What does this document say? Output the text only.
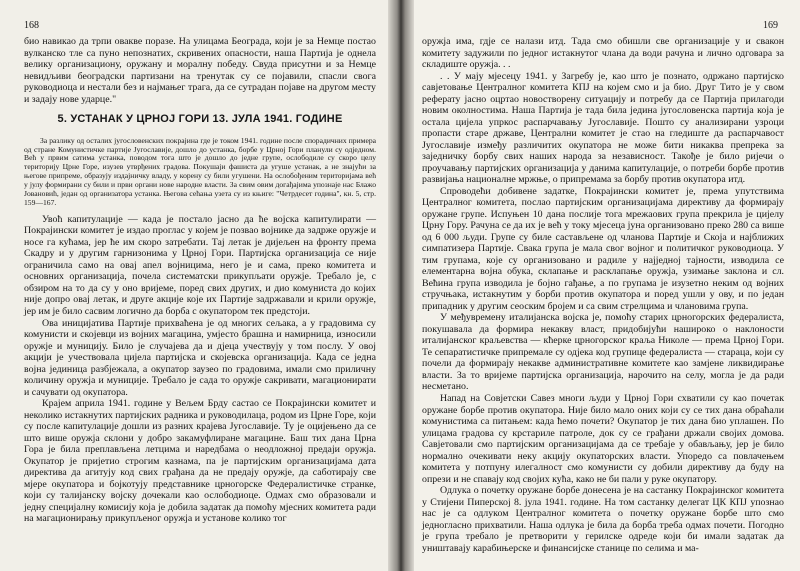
168

био навикао да трпи овакве порaзе. На улицама Београда, који је за Немце постао вулканско тле са пуно непознатих, скривених опасности, наша Партија је однела велику организациону, оружану и моралну победу. Свуда присутни и за Немце невидљиви београдски партизани на тренутак су се појавили, спасли свога руководиоца и нестали без и најмањег трага, да се сутрадан појаве на другом месту и задају нове ударце."

5. УСТАНАК У ЦРНОЈ ГОРИ 13. ЈУЛА 1941. ГОДИНЕ

За разлику од осталих југословенских покрајина где је током 1941. године после спорадичних примера од стране Комунистичке партије Југославије, дошло до устанка, борбе у Црној Гори планули су одједном. Већ у првим сатима устанка, поводом тога што је дошло до једне групе, ослободиле су скоро целу територију Црне Горе, изузев утврђених градова. Покушаји фашиста да угуше устанак, а не знајући за његове припреме, образују издајничку владу, у корену су били угушени. На ослобођеним територијама већ у јулу формирани су били и први органи нове народне власти. За свим овим догађајима упознаје нас Блажо Јовановић, један од организатора устанка. Његова сећања узета су из књиге: "Четрдесет година", кн. 5, стр. 159—167.

Увoћ капитулације — када је постало јасно да ће војска капитулирати — Покрајински комитет је издао проглас у којем је позвао војнике да задрже оружје и носе га кућама, јер ће им скоро затребати. Тај летак је дијељен на фронту према Скадру и у другим гарнизонима у Црној Гори. Партијска организација се није ограничила само на овај апел војницима, него је и сама, преко комитета и основних организација, почела систематски прикупљати оружје. Требало је, с обзиром на то да су у оно вријеме, поред свих других, и дио комуниста до којих није допро овај летак, и друге акције које их Партије задржавали и крили оружје, јер им је било сасвим логично да борба с окупатором тек предстоји.

Ова иницијатива Партије прихваћена је од многих сељака, а у градовима су комунисти и скојевци из војних магацина, умјесто брашна и намирница, износили оружје и муницију. Било је случајева да и дјеца учествују у том послу. У овој акцији je учествовала цијела партијска и скојевска организација. Када се једна војна јединица разбјежала, а окупатор заузео по градовима, имали смо приличну количину оружја и муниције. Требало је сада то оружје сакривати, магационирати и сачувати од окупатора.

Крајем априла 1941. године у Вељем Брду састао се Покрајински комитет и неколико истакнутих партијских радника и руководилаца, родом из Црне Горе, који су после капитулације дошли из разних крајева Југославије. Ту је оцијењено да се што више оружја склони у добро закамуфлиране магацине. Баш тих дана Црна Гора је била преплављена летцима и наредбама о неодложној предаји оружја. Окупатор је пријетио строгим казнама, па је партијским организацијама дата директива да агитују код свих грађана да не предају оружје, да саботирају све мјере окупатора и бојкотују представнике црногорске Федералистичке странке, који су талијанску војску дочекали као ослободиоце. Одмах смо образовали и једну специјалну комисију која је добила задатак да помоћу мјесних комитета ради на магационирању прикупљеног оружја и установе колико тог

169

оружја има, гдје се налази итд. Тада смо обишли све организације у и свакон комитету задужили по једног истакнутог члана да води рачуна и лично одговара за складиште оружја. . .

. . У мају мјесецу 1941. у Загребу је, као што је познато, одржано партијско савјетовање Централног комитета КПЈ на којем смо и ја био. Друг Тито је у свом реферату јасно оцртао новостворену ситуацију и потребу да се Партија прилагоди новим околностима. Наша Партија је тада била једина југословенска партија која је остала цијела упркос распарчавању Југославије. Пошто су анализирани узроци пропасти старе државе, Централни комитет је стао на гледиште да распарчавост Југославије између различитих окупатора не може бити никаква препрека за заједничку борбу свих наших народа за независност. Такође је било ријечи о проучавању партијских организација у данима капитулације, о потреби борбе против развијања националне мржње, о припремама за борбу против окупатора итд.

Спроводећи добивене задатке, Покрајински комитет је, према упутствима Централног комитета, послао партијским организацијама директиву да формирају оружане групе. Испуњен 10 дана послије тога мрежаових група прекрила је цијелу Црну Гору. Рачуна се да их је већ у току мјесеца јуна организовано преко 280 са више од 6 000 људи. Групе су биле састављене од чланова Партије и Скоја и најближих симпатизера Партије. Свака група је мала свог војног и политичког руководиоца. У тим групама, које су организовано и радиле у најједној тајности, изводила се елементарна војна обука, склапање и расклапање оружја, узимање заклона и сл. Већина група изводила је бојно гађање, а по групама је изузетно неким од војних стручњака, истакнутим у борби против окупатора и поред ушли у ову, и по један припадник у другим сеоским бројем и са свим стрелцима и члановима група.

У међувремену италијанска војска је, помоћу старих црногорских федералиста, покушавала да формира некакву власт, придобијући нашироко о наклоности италијанског краљевства — кћерке црногорског краља Николе — према Црној Гори. Те сепаратистичке припремале су одјека код групице федералиста — стараца, који су почели да формирају некакве административне комитете као замјене ликвидирање власти. За то вријеме партијска организација, нарочито на селу, могла је да ради несметано.

Напад на Совјетски Савез многи људи у Црној Гори схватили су као почетак оружане борбе против окупатора. Није било мало оних који су се тих дана обраћали комунистима са питањем: када ћемо почети? Окупатор је тих дана био уплашен. По улицама градова су крстариле патроле, док су се грађани држали својих домова. Савјетовали смо партијским организацијама да се требаје у обављању, јер је било нормално очекивати неку акцију окупаторских власти. Упоредо са повлачењем комитета у потпуну илегалност смо комунисти су добили директиву да буду на опрези и не спавају код својих кућа, како не би пали у руке окупатору.

Одлука о почетку оружане борбе донесена је на састанку Покрајинског комитета у Стијени Пиперској 8. јула 1941. године. На том састанку делегат ЦК КПЈ упознао нас је са одлуком Централног комитета о почетку оружане борбе што смо једногласно прихватили. Наша одлука је била да борба треба одмах почети. Погодно је група требало је претворити у герилске одреде који би имали задатак да уништавају карабињерске и финансијске станице по селима и ма-
